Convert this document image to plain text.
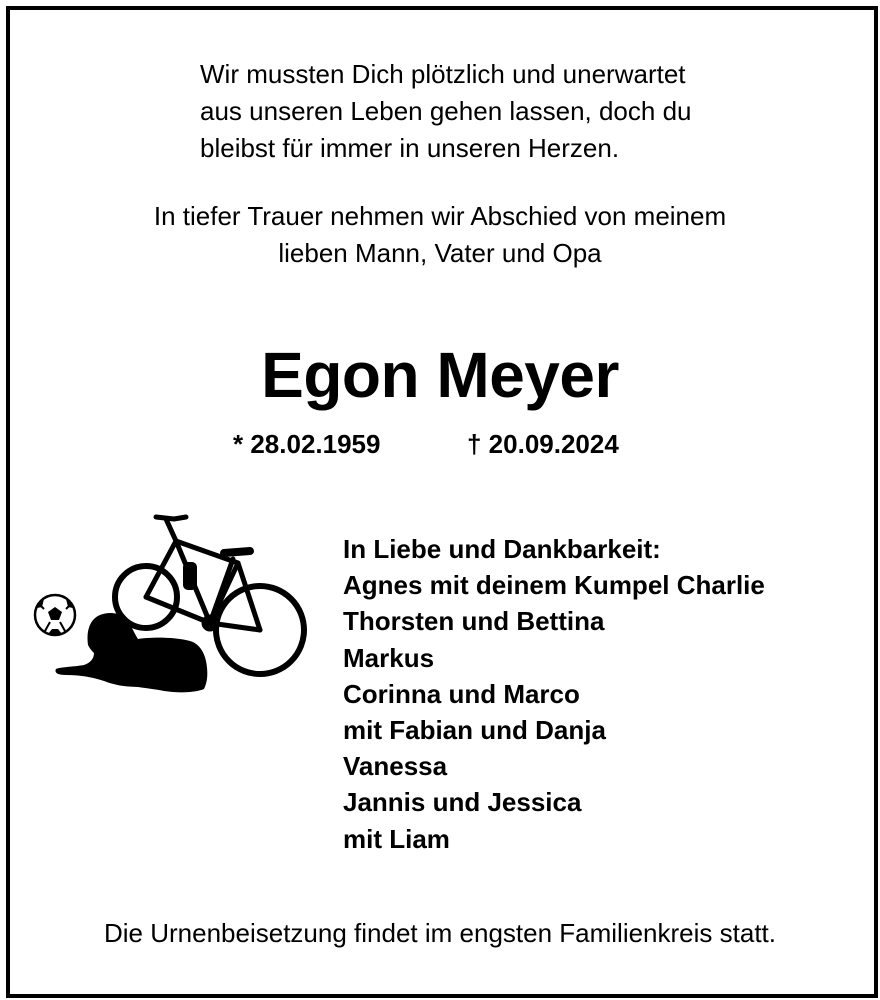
Wir mussten Dich plötzlich und unerwartet
aus unseren Leben gehen lassen, doch du
bleibst für immer in unseren Herzen.
In tiefer Trauer nehmen wir Abschied von meinem
lieben Mann, Vater und Opa
Egon Meyer
* 28.02.1959	† 20.09.2024
In Liebe und Dankbarkeit:
Agnes mit deinem Kumpel Charlie
Thorsten und Bettina
Markus
Corinna und Marco
mit Fabian und Danja
Vanessa
Jannis und Jessica
mit Liam

Die Urnenbeisetzung findet im engsten Familienkreis statt.
